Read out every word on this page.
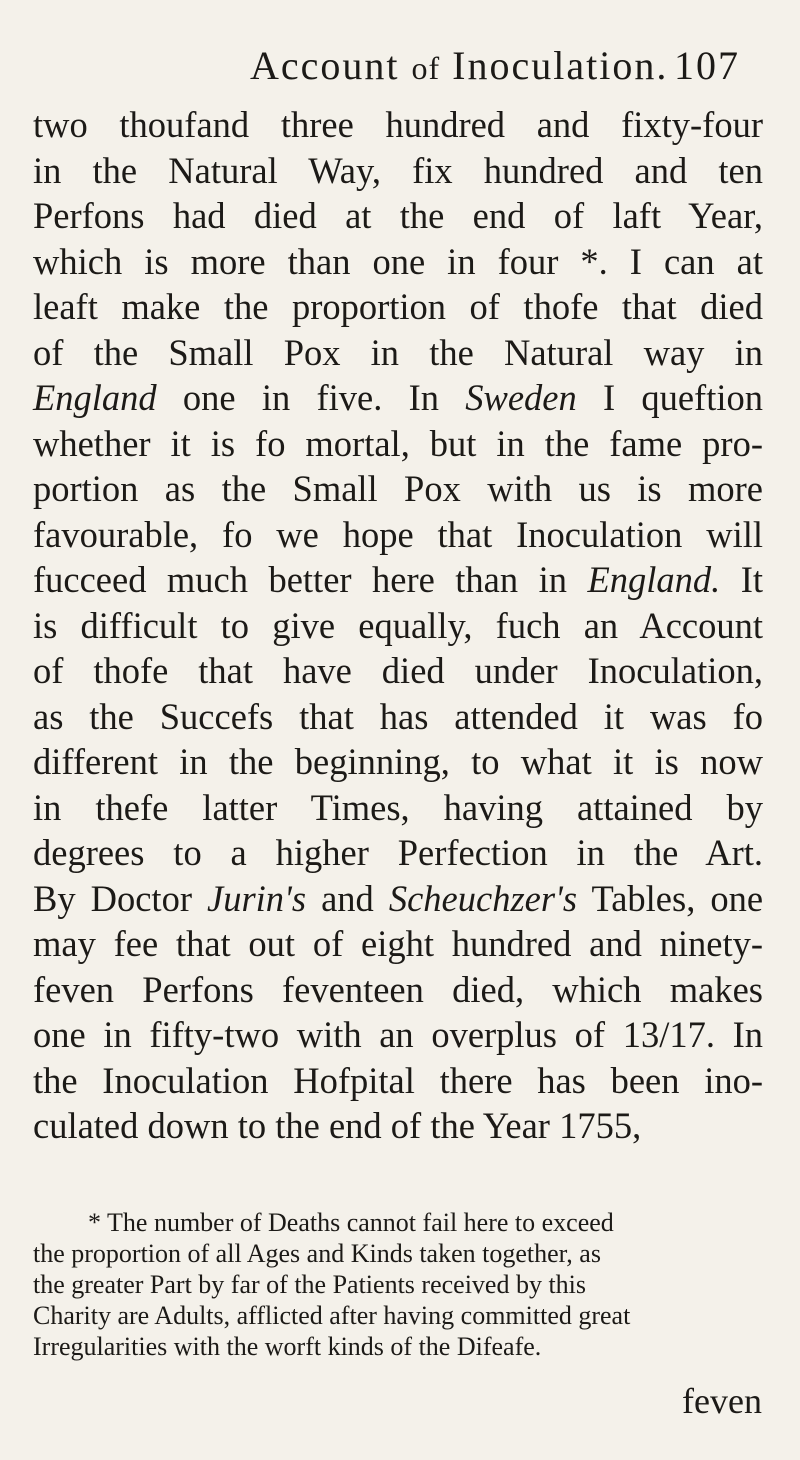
Account of Inoculation. 107
two thoufand three hundred and fixty-four
in the Natural Way, fix hundred and ten
Perfons had died at the end of laft Year,
which is more than one in four *. I can at
leaft make the proportion of thofe that died
of the Small Pox in the Natural way in
England one in five. In Sweden I queftion
whether it is fo mortal, but in the fame pro-
portion as the Small Pox with us is more
favourable, fo we hope that Inoculation will
fucceed much better here than in England. It
is difficult to give equally, fuch an Account
of thofe that have died under Inoculation,
as the Succefs that has attended it was fo
different in the beginning, to what it is now
in thefe latter Times, having attained by
degrees to a higher Perfection in the Art.
By Doctor Jurin's and Scheuchzer's Tables, one
may fee that out of eight hundred and ninety-
feven Perfons feventeen died, which makes
one in fifty-two with an overplus of 13/17. In
the Inoculation Hofpital there has been ino-
culated down to the end of the Year 1755,
* The number of Deaths cannot fail here to exceed
the proportion of all Ages and Kinds taken together, as
the greater Part by far of the Patients received by this
Charity are Adults, afflicted after having committed great
Irregularities with the worft kinds of the Difeafe.
feven
